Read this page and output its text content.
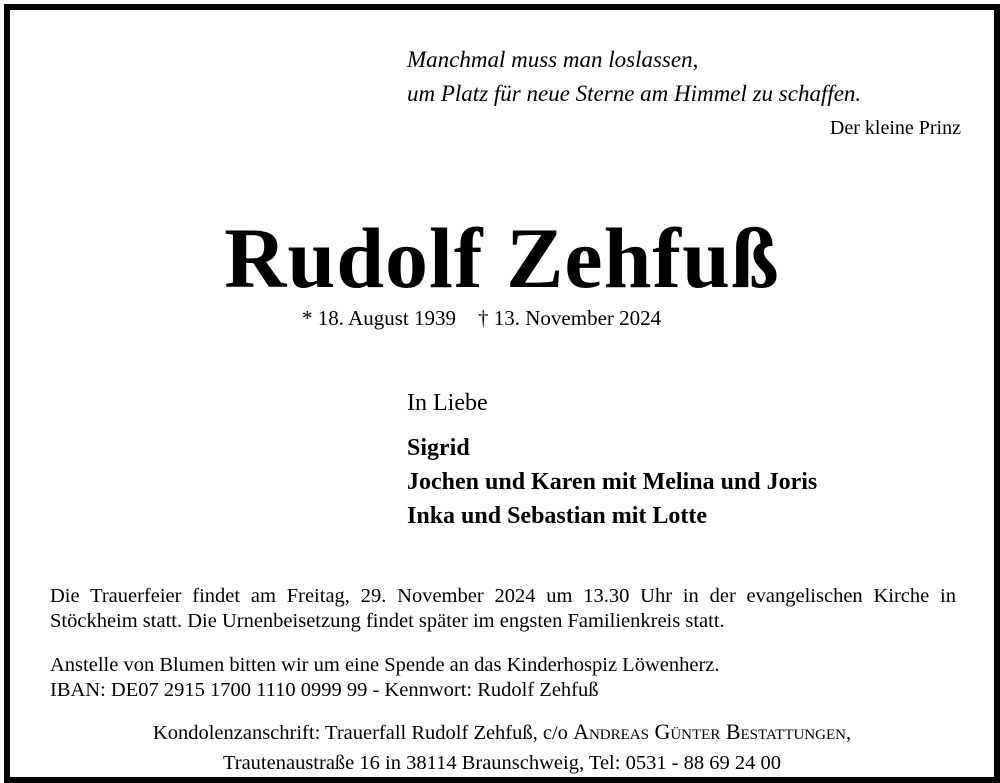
Manchmal muss man loslassen,
um Platz für neue Sterne am Himmel zu schaffen.
Der kleine Prinz
Rudolf Zehfuß
* 18. August 1939 † 13. November 2024
In Liebe
Sigrid
Jochen und Karen mit Melina und Joris
Inka und Sebastian mit Lotte
Die Trauerfeier findet am Freitag, 29. November 2024 um 13.30 Uhr in der evangelischen Kirche in Stöckheim statt. Die Urnenbeisetzung findet später im engsten Familienkreis statt.
Anstelle von Blumen bitten wir um eine Spende an das Kinderhospiz Löwenherz.
IBAN: DE07 2915 1700 1110 0999 99 - Kennwort: Rudolf Zehfuß
Kondolenzanschrift: Trauerfall Rudolf Zehfuß, c/o Andreas Günter Bestattungen,
Trautenaustraße 16 in 38114 Braunschweig, Tel: 0531 - 88 69 24 00
